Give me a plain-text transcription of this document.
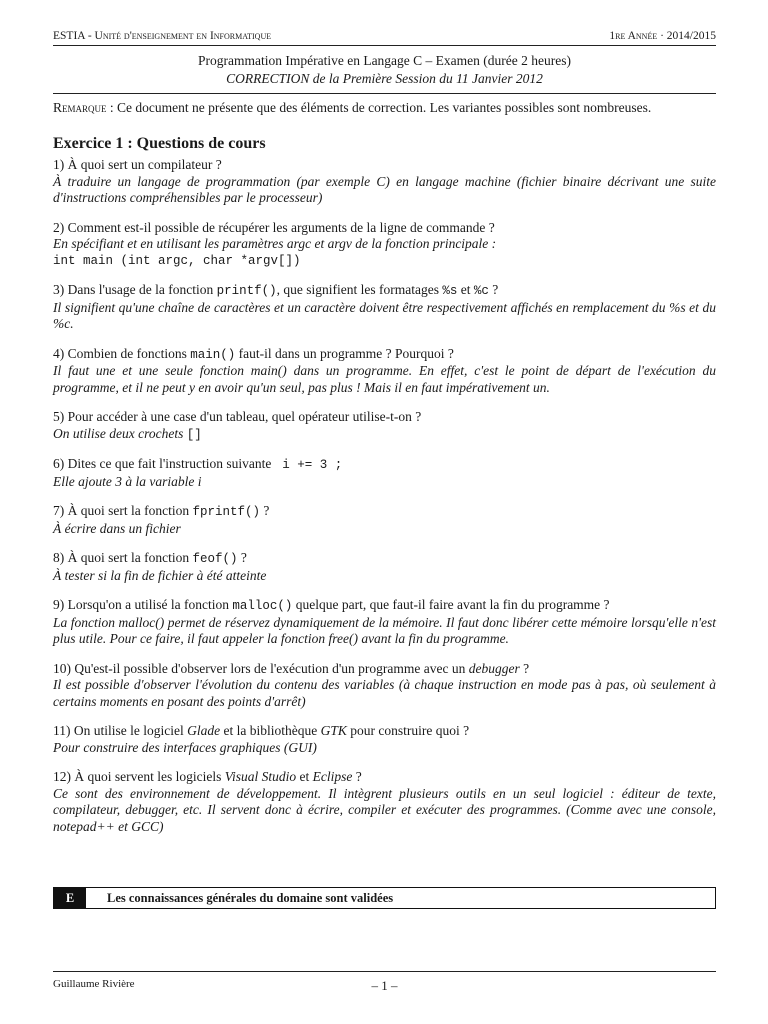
ESTIA - Unité d'enseignement en Informatique	1re Année · 2014/2015
Programmation Impérative en Langage C – Examen (durée 2 heures)
CORRECTION de la Première Session du 11 Janvier 2012
Remarque : Ce document ne présente que des éléments de correction. Les variantes possibles sont nombreuses.
Exercice 1 : Questions de cours
1) À quoi sert un compilateur ?
À traduire un langage de programmation (par exemple C) en langage machine (fichier binaire décrivant une suite d'instructions compréhensibles par le processeur)
2) Comment est-il possible de récupérer les arguments de la ligne de commande ?
En spécifiant et en utilisant les paramètres argc et argv de la fonction principale :
int main (int argc, char *argv[])
3) Dans l'usage de la fonction printf(), que signifient les formatages %s et %c ?
Il signifient qu'une chaîne de caractères et un caractère doivent être respectivement affichés en remplacement du %s et du %c.
4) Combien de fonctions main() faut-il dans un programme ? Pourquoi ?
Il faut une et une seule fonction main() dans un programme. En effet, c'est le point de départ de l'exécution du programme, et il ne peut y en avoir qu'un seul, pas plus ! Mais il en faut impérativement un.
5) Pour accéder à une case d'un tableau, quel opérateur utilise-t-on ?
On utilise deux crochets []
6) Dites ce que fait l'instruction suivante  i += 3 ;
Elle ajoute 3 à la variable i
7) À quoi sert la fonction fprintf() ?
À écrire dans un fichier
8) À quoi sert la fonction feof() ?
À tester si la fin de fichier à été atteinte
9) Lorsqu'on a utilisé la fonction malloc() quelque part, que faut-il faire avant la fin du programme ?
La fonction malloc() permet de réservez dynamiquement de la mémoire. Il faut donc libérer cette mémoire lorsqu'elle n'est plus utile. Pour ce faire, il faut appeler la fonction free() avant la fin du programme.
10) Qu'est-il possible d'observer lors de l'exécution d'un programme avec un debugger ?
Il est possible d'observer l'évolution du contenu des variables (à chaque instruction en mode pas à pas, où seulement à certains moments en posant des points d'arrêt)
11) On utilise le logiciel Glade et la bibliothèque GTK pour construire quoi ?
Pour construire des interfaces graphiques (GUI)
12) À quoi servent les logiciels Visual Studio et Eclipse ?
Ce sont des environnement de développement. Il intègrent plusieurs outils en un seul logiciel : éditeur de texte, compilateur, debugger, etc. Il servent donc à écrire, compiler et exécuter des programmes. (Comme avec une console, notepad++ et GCC)
E	Les connaissances générales du domaine sont validées
Guillaume Rivière	– 1 –
